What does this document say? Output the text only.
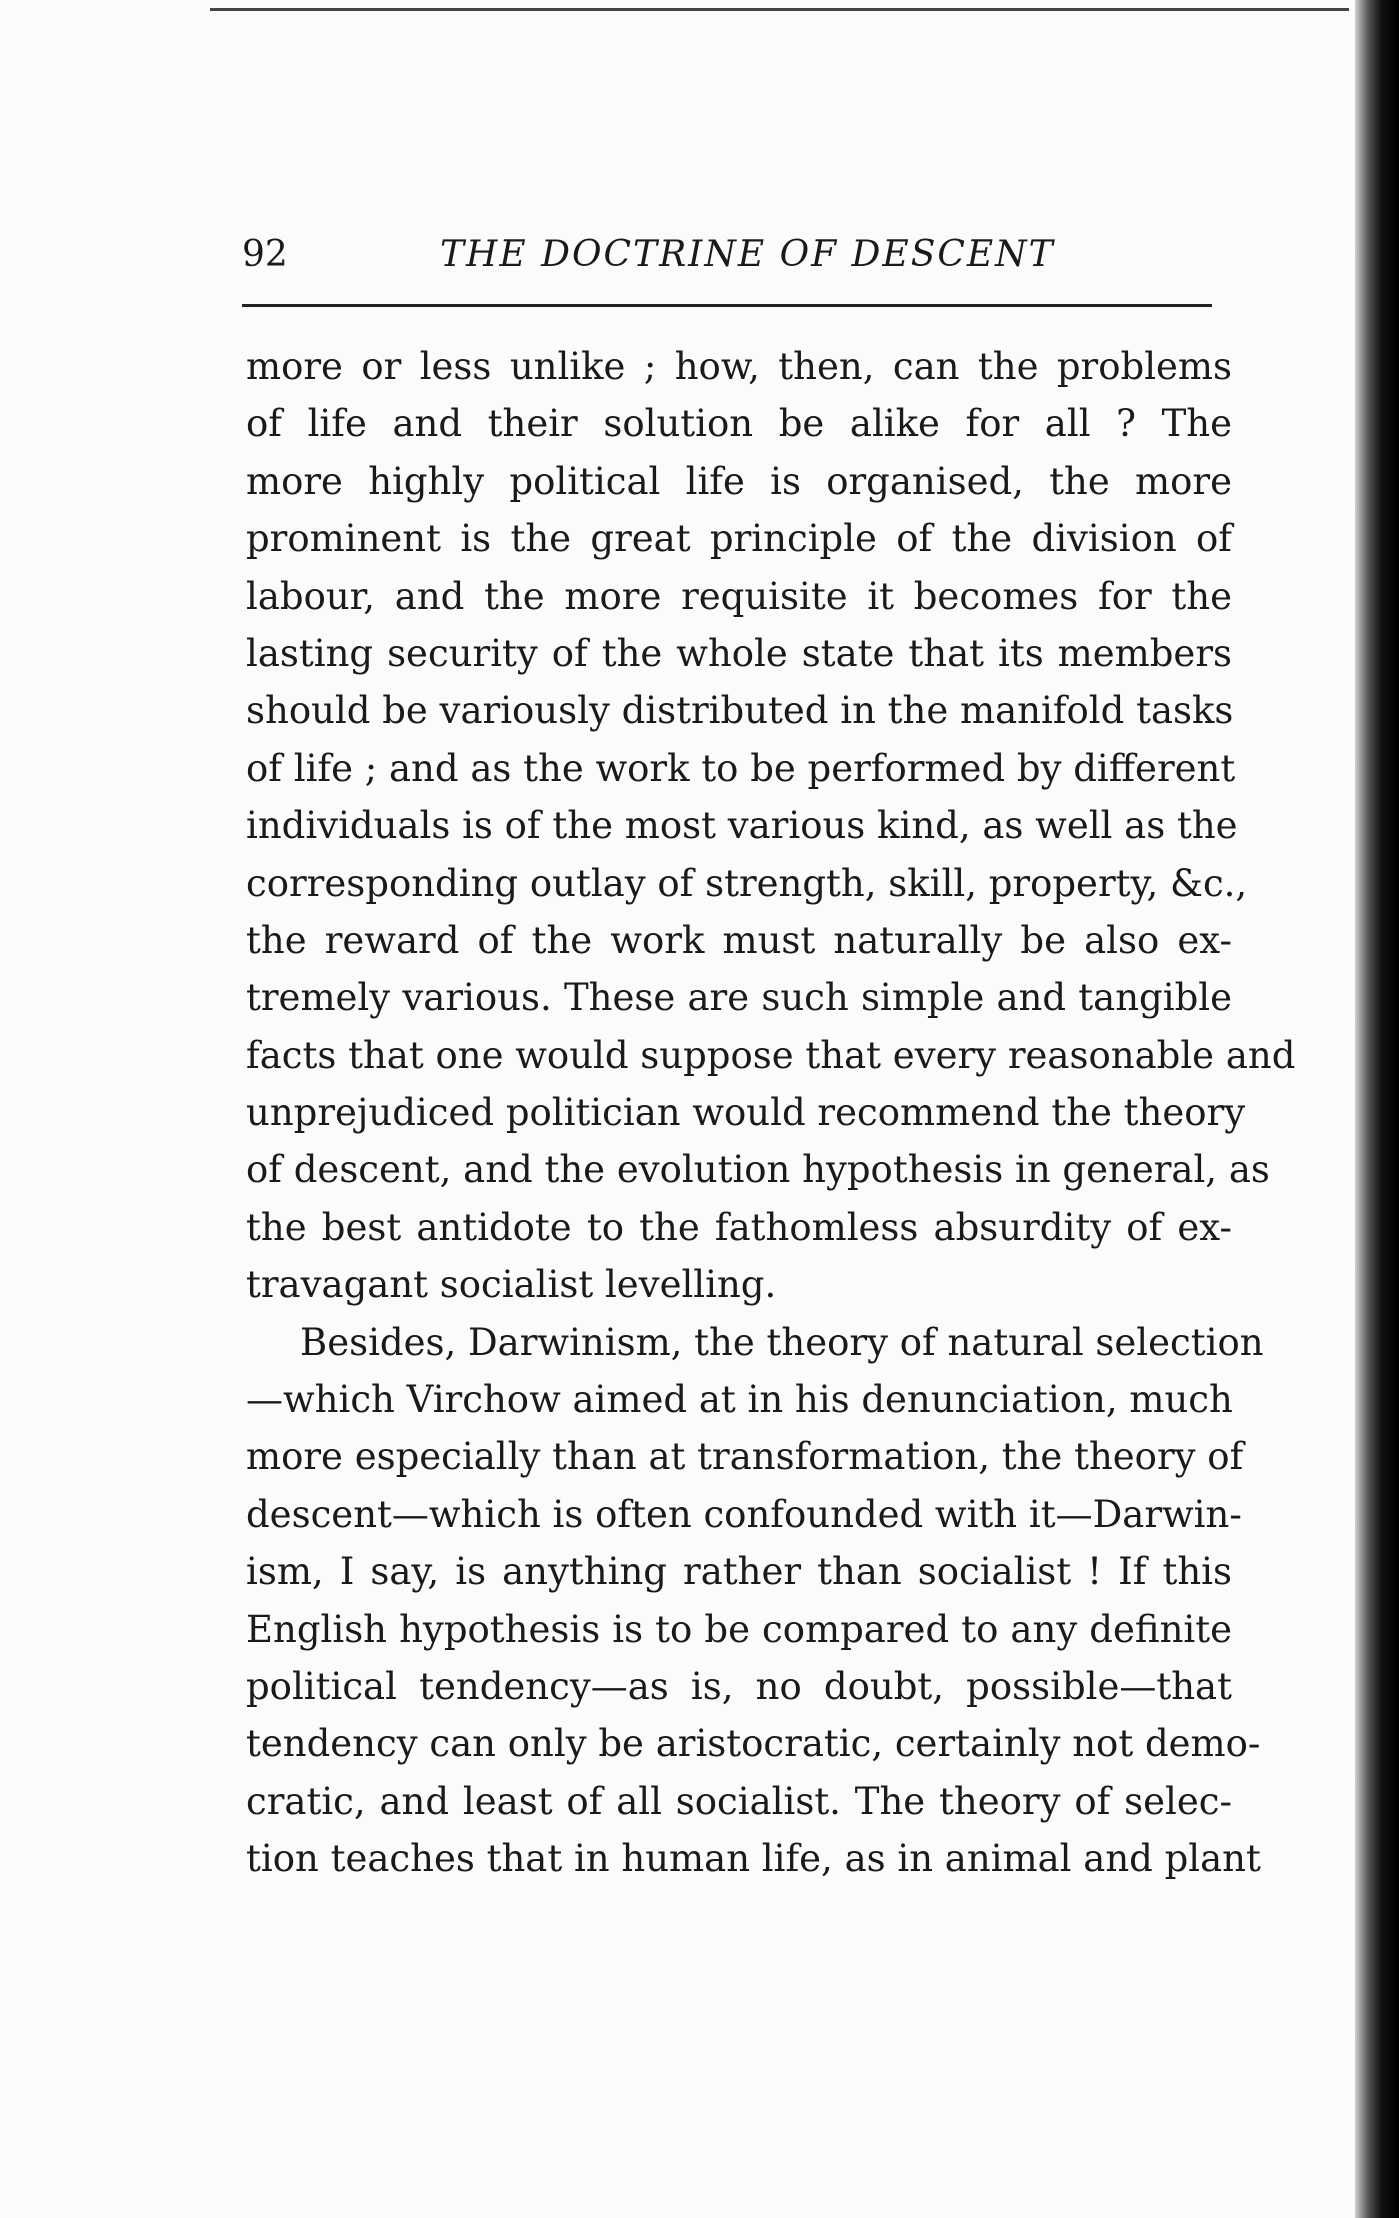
92	THE DOCTRINE OF DESCENT
more or less unlike ; how, then, can the problems
of life and their solution be alike for all ? The
more highly political life is organised, the more
prominent is the great principle of the division of
labour, and the more requisite it becomes for the
lasting security of the whole state that its members
should be variously distributed in the manifold tasks
of life ; and as the work to be performed by different
individuals is of the most various kind, as well as the
corresponding outlay of strength, skill, property, &c.,
the reward of the work must naturally be also ex-
tremely various. These are such simple and tangible
facts that one would suppose that every reasonable and
unprejudiced politician would recommend the theory
of descent, and the evolution hypothesis in general, as
the best antidote to the fathomless absurdity of ex-
travagant socialist levelling.
Besides, Darwinism, the theory of natural selection
—which Virchow aimed at in his denunciation, much
more especially than at transformation, the theory of
descent—which is often confounded with it—Darwin-
ism, I say, is anything rather than socialist ! If this
English hypothesis is to be compared to any definite
political tendency—as is, no doubt, possible—that
tendency can only be aristocratic, certainly not demo-
cratic, and least of all socialist. The theory of selec-
tion teaches that in human life, as in animal and plant
